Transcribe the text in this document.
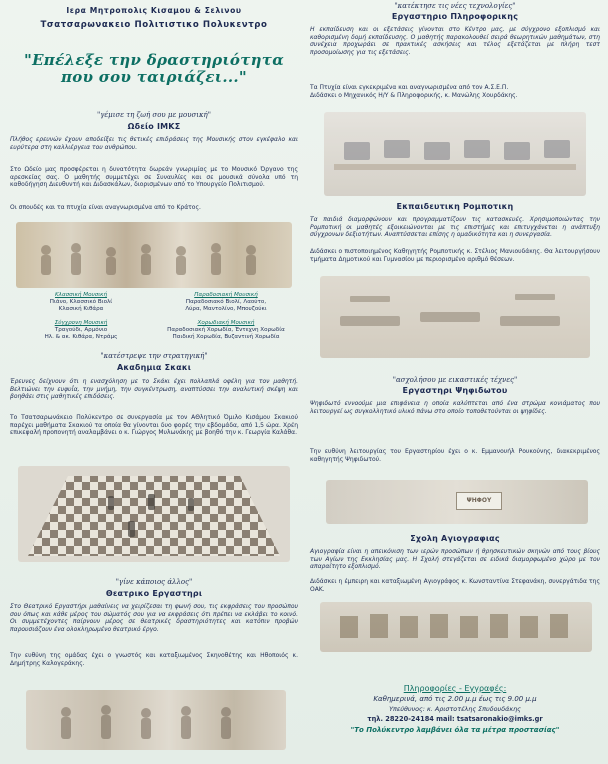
Ιερα Μητροπολις Κισαμου & Σελινου
Τσατσαρωνακειο Πολιτιστικο Πολυκεντρο
"Επέλεξε την δραστηριότητα
που σου ταιριάζει..."
"γέμισε τη ζωή σου με μουσική"
Ωδείο ΙΜΚΣ
Πλήθος ερευνών έχουν αποδείξει τις θετικές επιδράσεις της Μουσικής στον εγκέφαλο και ευρύτερα στη καλλιέργεια του ανθρώπου.
Στο Ωδείο μας προσφέρεται η δυνατότητα δωρεάν γνωριμίας με το Μουσικό Όργανο της αρεσκείας σας. Ο μαθητής συμμετέχει σε Συναυλίες και σε μουσικά σύνολα υπό τη καθοδήγηση Διευθυντή και Διδασκάλων, διορισμένων από το Υπουργείο Πολιτισμού.
Οι σπουδές και τα πτυχία είναι αναγνωρισμένα από το Κράτος.
Κλασσική Μουσική
Πιάνο, Κλασσικό Βιολί
Κλασική Κιθάρα
Παραδοσιακή Μουσική
Παραδοσιακό Βιολί, Λαούτο,
Λύρα, Μαντολίνο, Μπουζούκι
Σύγχρονη Μουσική
Τραγούδι, Αρμόνιο
Ηλ. & ακ. Κιθάρα, Ντράμς
Χορωδιακή Μουσική
Παραδοσιακή Χορωδία, Έντεχνη Χορωδία
Παιδική Χορωδία, Βυζαντινή Χορωδία
"κατέστρεψε την στρατηγική"
Ακαδημια Σκακι
Έρευνες δείχνουν ότι η ενασχόληση με το Σκάκι έχει πολλαπλά οφέλη για τον μαθητή. Βελτιώνει την ευφυΐα, την μνήμη, την συγκέντρωση, αναπτύσσει την αναλυτική σκέψη και βοηθάει στις μαθητικές επιδόσεις.
Το Τσατσαρωνάκειο Πολύκεντρο σε συνεργασία με τον ΑΘλητικό Όμιλο Κισάμου Σκακιού παρέχει μαθήματα Σκακιού τα οποία θα γίνονται δυο φορές την εβδομάδα, από 1,5 ώρα. Χρέη επικεφαλή προπονητή αναλαμβάνει ο κ. Γιώργος Μυλωνάκης με βοηθό την κ. Γεωργία Καλάθα.
"γίνε κάποιος άλλος"
Θεατρικο Εργαστηρι
Στο Θεατρικό Εργαστήρι μαθαίνεις να χειρίζεσαι τη φωνή σου, τις εκφράσεις του προσώπου σου όπως και κάθε μέρος του σώματός σου για να εκφράσεις ότι πρέπει να εκλάβει το κοινό. Οι συμμετέχοντες παίρνουν μέρος σε θεατρικές δραστηριότητες και κατόπιν προβών παρουσιάζουν ένα ολοκληρωμένο θεατρικό έργο.
Την ευθύνη της ομάδας έχει ο γνωστός και καταξιωμένος Σκηνοθέτης και Ηθοποιός κ. Δημήτρης Καλογεράκης.
"κατέκτησε τις νέες τεχνολογίες"
Εργαστηριο Πληροφορικης
Η εκπαίδευση και οι εξετάσεις γίνονται στο Κέντρο μας, με σύγχρονο εξοπλισμό και καθορισμένη δομή εκπαίδευσης. Ο μαθητής παρακολουθεί σειρά θεωρητικών μαθημάτων, στη συνέχεια προχωράει σε πρακτικές ασκήσεις και τέλος εξετάζεται με πλήρη τεστ προσομοίωσης για τις εξετάσεις.
Τα Πτυχία είναι εγκεκριμένα και αναγνωρισμένα από τον Α.Σ.Ε.Π.
Διδάσκει ο Μηχανικός Η/Υ & Πληροφορικής, κ. Μανώλης Χουρδάκης.
Εκπαιδευτικη Ρομποτικη
Τα παιδιά διαμορφώνουν και προγραμματίζουν τις κατασκευές. Χρησιμοποιώντας την Ρομποτική οι μαθητές εξοικειώνονται με τις επιστήμες και επιτυγχάνεται η ανάπτυξη σύγχρονων δεξιοτήτων. Αναπτύσσεται επίσης η ομαδικότητα και η συνεργασία.
Διδάσκει ο πιστοποιημένος Καθηγητής Ρομποτικής κ. Στέλιος Μανιουδάκης. Θα λειτουργήσουν τμήματα Δημοτικού και Γυμνασίου με περιορισμένο αριθμό θέσεων.
"ασχολήσου με εικαστικές τέχνες"
Εργαστηρι Ψηφιδωτου
Ψηφιδωτό εννοούμε μια επιφάνεια η οποία καλύπτεται από ένα στρώμα κονιάματος που λειτουργεί ως συγκολλητικό υλικό πάνω στο οποίο τοποθετούνται οι ψηφίδες.
Την ευθύνη λειτουργίας του Εργαστηρίου έχει ο κ. Εμμανουήλ Ρουκούνης, διακεκριμένος καθηγητής Ψηφιδωτού.
ΨΗΦΟΥ
Σχολη Αγιογραφιας
Αγιογραφία είναι η απεικόνιση των ιερών προσώπων ή θρησκευτικών σκηνών από τους βίους των Αγίων της Εκκλησίας μας. Η Σχολή στεγάζεται σε ειδικά διαμορφωμένο χώρο με τον απαραίτητο εξοπλισμό.
Διδάσκει η έμπειρη και καταξιωμένη Αγιογράφος κ. Κωνσταντίνα Στεφανάκη, συνεργάτιδα της ΟΑΚ.
Πληροφορίες - Εγγραφές:
Καθημερινά, από τις 2.00 μ.μ έως τις 9.00 μ.μ
Υπεύθυνος: κ. Αριστοτέλης Σπυδουδάκης
τηλ. 28220-24184 mail: tsatsaronakio@imks.gr
"Το Πολύκεντρο λαμβάνει όλα τα μέτρα προστασίας"
